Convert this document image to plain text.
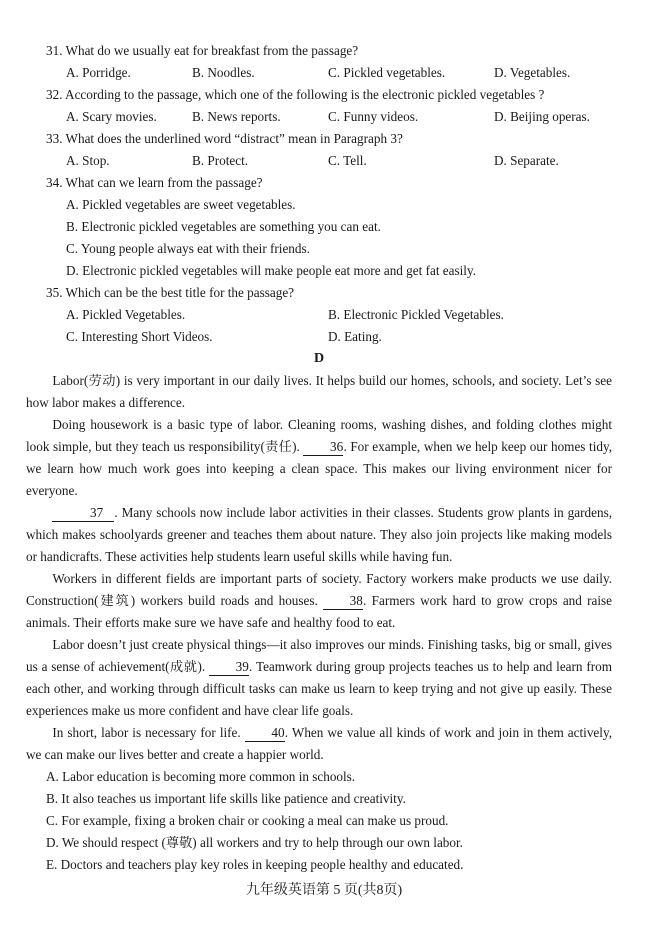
31. What do we usually eat for breakfast from the passage?
A. Porridge.	B. Noodles.	C. Pickled vegetables.	D. Vegetables.
32. According to the passage, which one of the following is the electronic pickled vegetables ?
A. Scary movies.	B. News reports.	C. Funny videos.	D. Beijing operas.
33. What does the underlined word “distract” mean in Paragraph 3?
A. Stop.	B. Protect.	C. Tell.	D. Separate.
34. What can we learn from the passage?
A. Pickled vegetables are sweet vegetables.
B. Electronic pickled vegetables are something you can eat.
C. Young people always eat with their friends.
D. Electronic pickled vegetables will make people eat more and get fat easily.
35. Which can be the best title for the passage?
A. Pickled Vegetables.	B. Electronic Pickled Vegetables.
C. Interesting Short Videos.	D. Eating.

D

Labor(劳动) is very important in our daily lives. It helps build our homes, schools, and society. Let’s see how labor makes a difference.

Doing housework is a basic type of labor. Cleaning rooms, washing dishes, and folding clothes might look simple, but they teach us responsibility(责任). 36. For example, when we help keep our homes tidy, we learn how much work goes into keeping a clean space. This makes our living environment nicer for everyone.

37 . Many schools now include labor activities in their classes. Students grow plants in gardens, which makes schoolyards greener and teaches them about nature. They also join projects like making models or handicrafts. These activities help students learn useful skills while having fun.

Workers in different fields are important parts of society. Factory workers make products we use daily. Construction(建筑) workers build roads and houses. 38. Farmers work hard to grow crops and raise animals. Their efforts make sure we have safe and healthy food to eat.

Labor doesn’t just create physical things—it also improves our minds. Finishing tasks, big or small, gives us a sense of achievement(成就). 39. Teamwork during group projects teaches us to help and learn from each other, and working through difficult tasks can make us learn to keep trying and not give up easily. These experiences make us more confident and have clear life goals.

In short, labor is necessary for life. 40. When we value all kinds of work and join in them actively, we can make our lives better and create a happier world.

A. Labor education is becoming more common in schools.
B. It also teaches us important life skills like patience and creativity.
C. For example, fixing a broken chair or cooking a meal can make us proud.
D. We should respect (尊敬) all workers and try to help through our own labor.
E. Doctors and teachers play key roles in keeping people healthy and educated.
九年级英语第 5 页(共8页)
